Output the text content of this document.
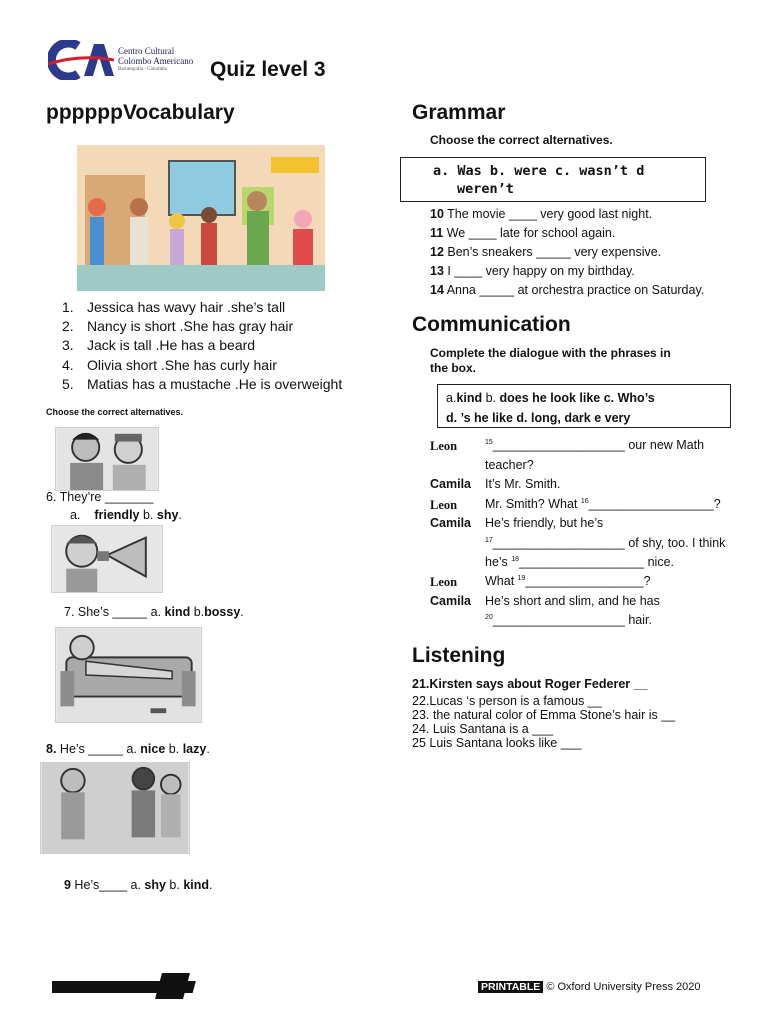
Centro Cultural
Colombo Americano
Barranquilla - Colombia	Quiz level 3
ppppppVocabulary
1. Jessica has wavy hair .she’s tall
2. Nancy is short .She has gray hair
3. Jack is tall .He has a beard
4. Olivia short .She has curly hair
5. Matias has a mustache .He is overweight
Choose the correct alternatives.
6. They’re _______
a. friendly b. shy.
7. She’s _____ a. kind b.bossy.
8. He’s _____ a. nice b. lazy.
9 He’s____ a. shy b. kind.
Grammar
Choose the correct alternatives.
a. Was b. were c. wasn’t d
weren’t
10 The movie ____ very good last night.
11 We ____ late for school again.
12 Ben’s sneakers _____ very expensive.
13 I ____ very happy on my birthday.
14 Anna _____ at orchestra practice on Saturday.
Communication
Complete the dialogue with the phrases in
the box.
a.kind b. does he look like c. Who’s
d. ’s he like d. long, dark e very
Leon	$^{15}$___________________ our new Math
teacher?
Camila It’s Mr. Smith.
Leon Mr. Smith? What $^{16}$__________________?
Camila He’s friendly, but he’s
$^{17}$___________________ of shy, too. I think
he’s $^{18}$__________________ nice.
Leon What $^{19}$_________________?
Camila He’s short and slim, and he has
$^{20}$___________________ hair.
Listening
21.Kirsten says about Roger Federer __
22.Lucas ‘s person is a famous __
23. the natural color of Emma Stone’s hair is __
24. Luis Santana is a ___
25 Luis Santana looks like ___
PRINTABLE © Oxford University Press 2020
